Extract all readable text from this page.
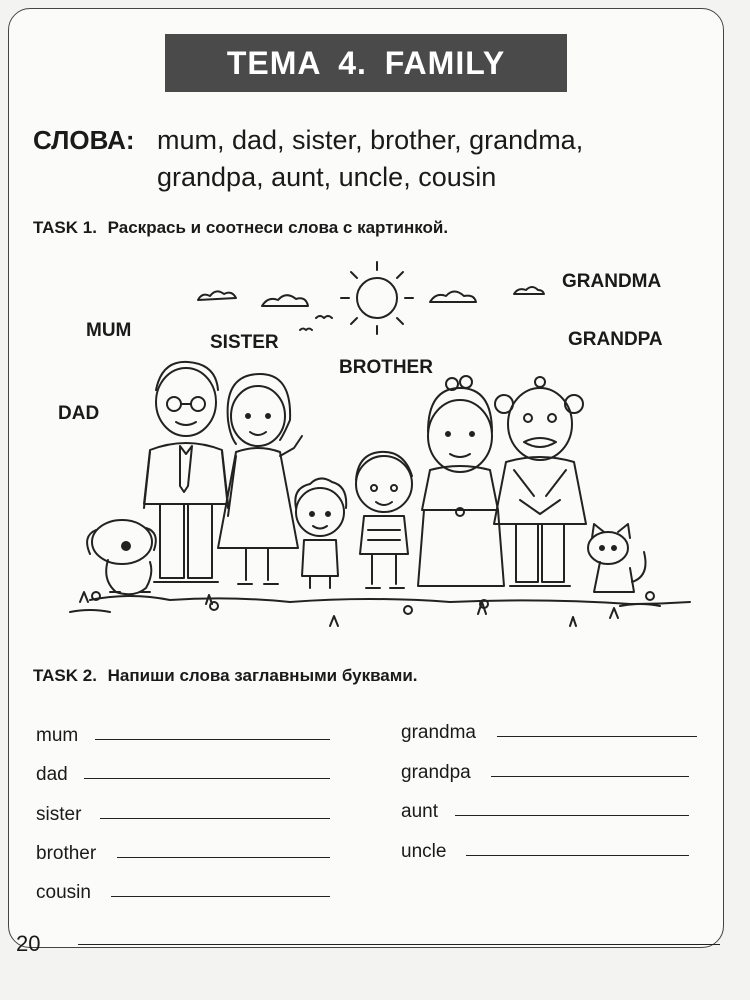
TEMA 4. FAMILY
СЛОВА: mum, dad, sister, brother, grandma,
grandpa, aunt, uncle, cousin
TASK 1. Раскрась и соотнеси слова с картинкой.
MUM
SISTER
BROTHER
GRANDMA
GRANDPA
DAD
TASK 2. Напиши слова заглавными буквами.
mum
dad
sister
brother
cousin
grandma
grandpa
aunt
uncle
20
